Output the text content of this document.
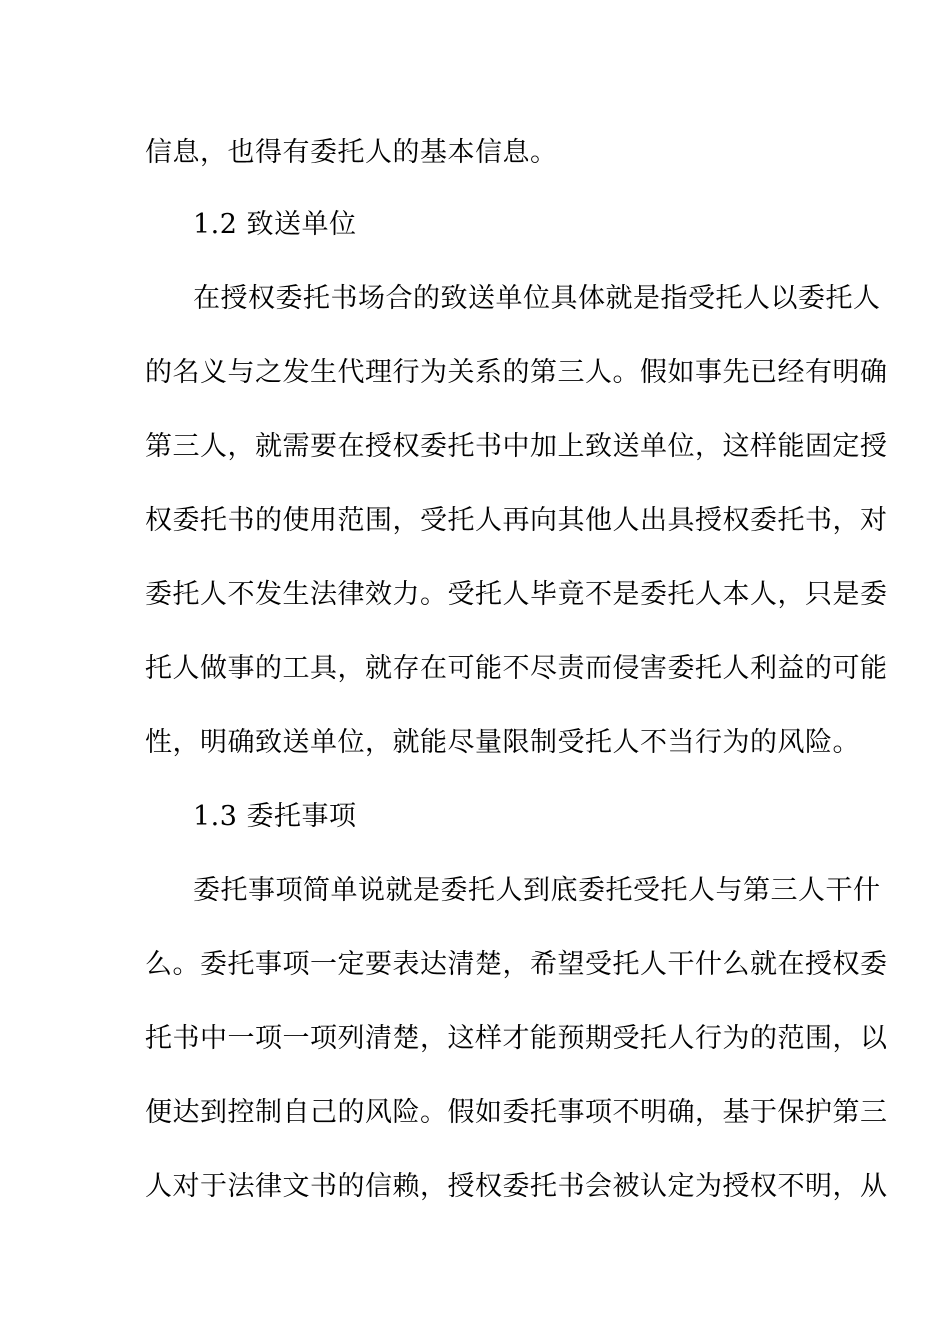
信息，也得有委托人的基本信息。
1.2 致送单位
在授权委托书场合的致送单位具体就是指受托人以委托人
的名义与之发生代理行为关系的第三人。假如事先已经有明确
第三人，就需要在授权委托书中加上致送单位，这样能固定授
权委托书的使用范围，受托人再向其他人出具授权委托书，对
委托人不发生法律效力。受托人毕竟不是委托人本人，只是委
托人做事的工具，就存在可能不尽责而侵害委托人利益的可能
性，明确致送单位，就能尽量限制受托人不当行为的风险。
1.3 委托事项
委托事项简单说就是委托人到底委托受托人与第三人干什
么。委托事项一定要表达清楚，希望受托人干什么就在授权委
托书中一项一项列清楚，这样才能预期受托人行为的范围，以
便达到控制自己的风险。假如委托事项不明确，基于保护第三
人对于法律文书的信赖，授权委托书会被认定为授权不明，从
